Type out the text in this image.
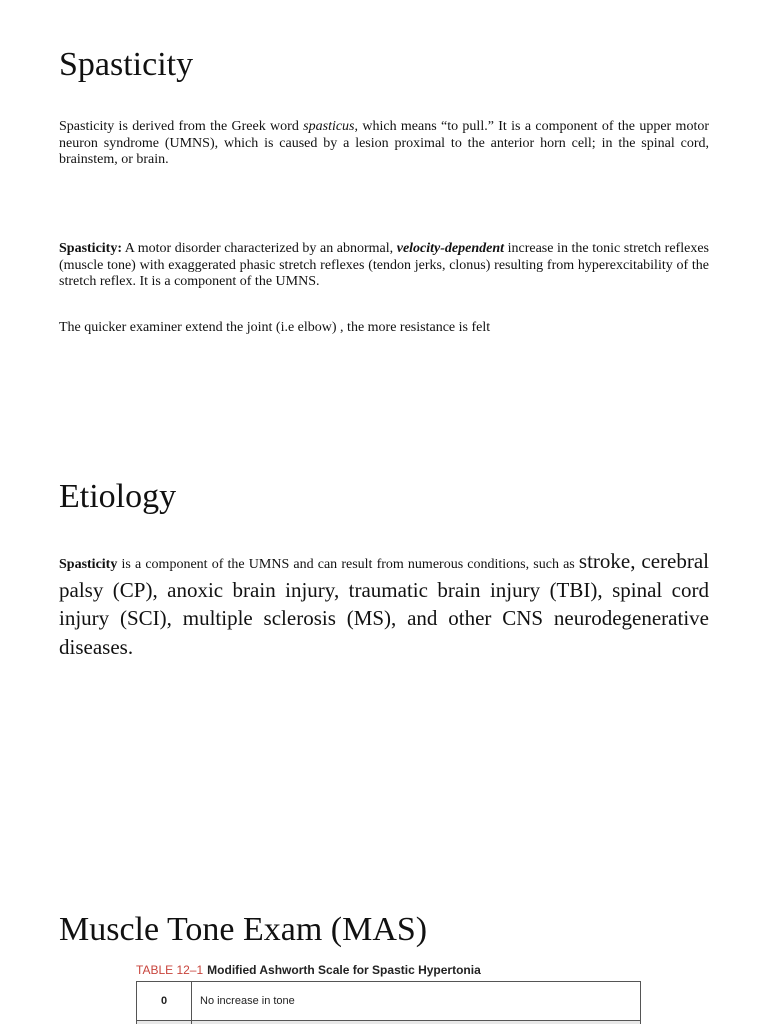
Spasticity

Spasticity is derived from the Greek word spasticus, which means “to pull.” It is a component of the upper motor neuron syndrome (UMNS), which is caused by a lesion proximal to the anterior horn cell; in the spinal cord, brainstem, or brain.

Spasticity: A motor disorder characterized by an abnormal, velocity-dependent increase in the tonic stretch reflexes (muscle tone) with exaggerated phasic stretch reflexes (tendon jerks, clonus) resulting from hyperexcitability of the stretch reflex. It is a component of the UMNS.

The quicker examiner extend the joint (i.e elbow) , the more resistance is felt

Etiology

Spasticity is a component of the UMNS and can result from numerous conditions, such as stroke, cerebral palsy (CP), anoxic brain injury, traumatic brain injury (TBI), spinal cord injury (SCI), multiple sclerosis (MS), and other CNS neurodegenerative diseases.

Muscle Tone Exam (MAS)

TABLE 12–1 Modified Ashworth Scale for Spastic Hypertonia

0	No increase in tone
